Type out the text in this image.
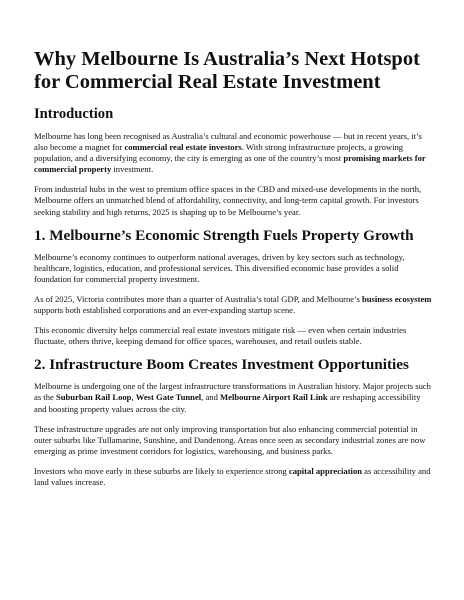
Why Melbourne Is Australia’s Next Hotspot for Commercial Real Estate Investment
Introduction

Melbourne has long been recognised as Australia’s cultural and economic powerhouse — but in recent years, it’s also become a magnet for commercial real estate investors. With strong infrastructure projects, a growing population, and a diversifying economy, the city is emerging as one of the country’s most promising markets for commercial property investment.

From industrial hubs in the west to premium office spaces in the CBD and mixed-use developments in the north, Melbourne offers an unmatched blend of affordability, connectivity, and long-term capital growth. For investors seeking stability and high returns, 2025 is shaping up to be Melbourne’s year.

1. Melbourne’s Economic Strength Fuels Property Growth

Melbourne’s economy continues to outperform national averages, driven by key sectors such as technology, healthcare, logistics, education, and professional services. This diversified economic base provides a solid foundation for commercial property investment.

As of 2025, Victoria contributes more than a quarter of Australia’s total GDP, and Melbourne’s business ecosystem supports both established corporations and an ever-expanding startup scene.

This economic diversity helps commercial real estate investors mitigate risk — even when certain industries fluctuate, others thrive, keeping demand for office spaces, warehouses, and retail outlets stable.

2. Infrastructure Boom Creates Investment Opportunities

Melbourne is undergoing one of the largest infrastructure transformations in Australian history. Major projects such as the Suburban Rail Loop, West Gate Tunnel, and Melbourne Airport Rail Link are reshaping accessibility and boosting property values across the city.

These infrastructure upgrades are not only improving transportation but also enhancing commercial potential in outer suburbs like Tullamarine, Sunshine, and Dandenong. Areas once seen as secondary industrial zones are now emerging as prime investment corridors for logistics, warehousing, and business parks.

Investors who move early in these suburbs are likely to experience strong capital appreciation as accessibility and land values increase.
